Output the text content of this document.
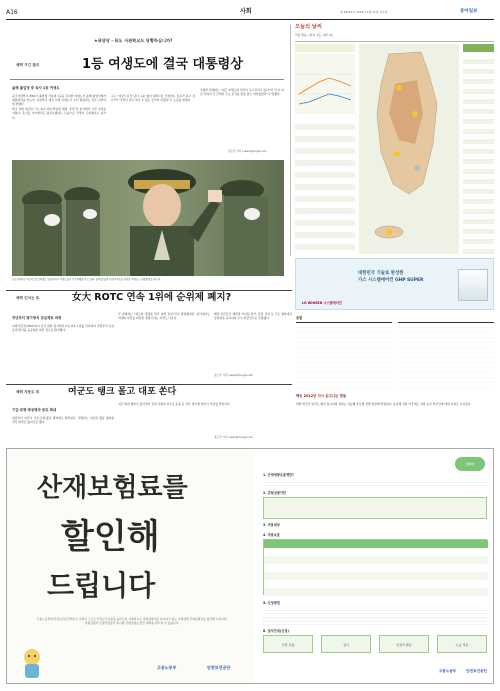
A16	사회	제 28255호 2014년 2월 21일 금요일	동아일보
★표당당 - 표도 사관학교도 당황하심니까?
체력 구긴 참모	1등 여생도에 결국 대통령상
올해 졸업생 중 육사 1등 여생도

공군사관학교 제62기 졸업생 가운데 1등을 차지한 여생도가 올해 졸업식에서 대통령상을 받는다. 사관학교 개교 이래 여생도가 수석 졸업하는 것은 이번이 세 번째다.

학교 측에 따르면 그는 4년 내내 학업과 체력, 훈련 전 분야에서 고른 성적을 거뒀다. 동기들 사이에서도 솔선수범하는 모습으로 신망이 두터웠다는 평가다.

그는 "여군으로서 남녀 구분 없이 실력으로 인정받는 장교가 되고 싶다"며 "국민이 믿고 맡길 수 있는 군인이 되겠다"고 소감을 밝혔다.

국방부 관계자는 "최근 여생도의 약진이 두드러지고 있다"며 "우수 여군 인력이 각 군에서 주요 보직을 맡을 날도 머지않았다"고 말했다.

정도언 기자 /news@donga.com
공군사관학교 학군단 첫 입학생도 임관식에서 여생도들이 거수경례를 하고 있다. 올해 졸업생 가운데 1등을 차지한 여생도는 대통령상을 받는다.
오늘의 날씨
서울 맑음 / 최저 -2도, 최고 9도
대한민국 기술로 완성한
가스 시스템에어컨 GHP SUPER
LG WHISEN 시스템에어컨
체력 인식는 또	女大 ROTC 연속 1위에 순위제 폐지?
작년부터 평가방식 등급제로 바꿔

여대 학군단(ROTC)이 전국 대학 평가에서 2년 연속 1위를 차지하자 국방부가 순위 공개 방식을 등급제로 바꾼 것으로 확인됐다.

군 관계자는 "과도한 경쟁을 막기 위한 조치"라고 설명했지만, 일각에서는 여대의 약진을 의식한 결정이라는 지적도 나온다.

해당 학군단은 체력과 리더십 평가, 훈련 성적 등 모든 항목에서 상위권을 유지하며 우수 학군단으로 선정됐다.

정도언 기자 /news@donga.com
종합
팩트 2012년 다시 읽고나는 힘들

대학 학군단 평가는 매년 실시되며 결과는 이듬해 후보생 선발 정원에 반영된다. 등급제 전환 이후에도 상위 등급 학군단에 대한 지원은 유지된다.

체력 자문도 또	여군도 탱크 몰고 대포 쏜다
기갑·포병·방공병과 문호 확대

내년부터 여군이 기갑·포병·방공 병과에도 배치된다. 국방부는 여군의 활동 영역을 전투 병과로 넓히기로 했다.

여군 병과 제한이 풀리면서 전차 조종과 자주포 운용 등 전투 임무에 여군이 투입될 전망이다.

정도언 기자 /news@donga.com
산재보험료를
할인해
드립니다

고용노동부와 안전보건공단에서는 사업주 스스로 안전보건수준을 높이도록 자율적으로 위험성평가를 실시하고 있는 사업장에 산재보험료를 할인해 드립니다.

위험성평가 인정사업장이 되시면 산재보험료 할인 혜택을 받으실 수 있습니다.

고용노동부	안전보건공단
코리아
1. 산재예방요율제란?
2. 위험성평가란
3. 적용대상
4. 적용요율
5. 신청방법
6. 절차안내(신청)
인정 신청	심사	인정서 발급	요율 적용
고용노동부	안전보건공단
